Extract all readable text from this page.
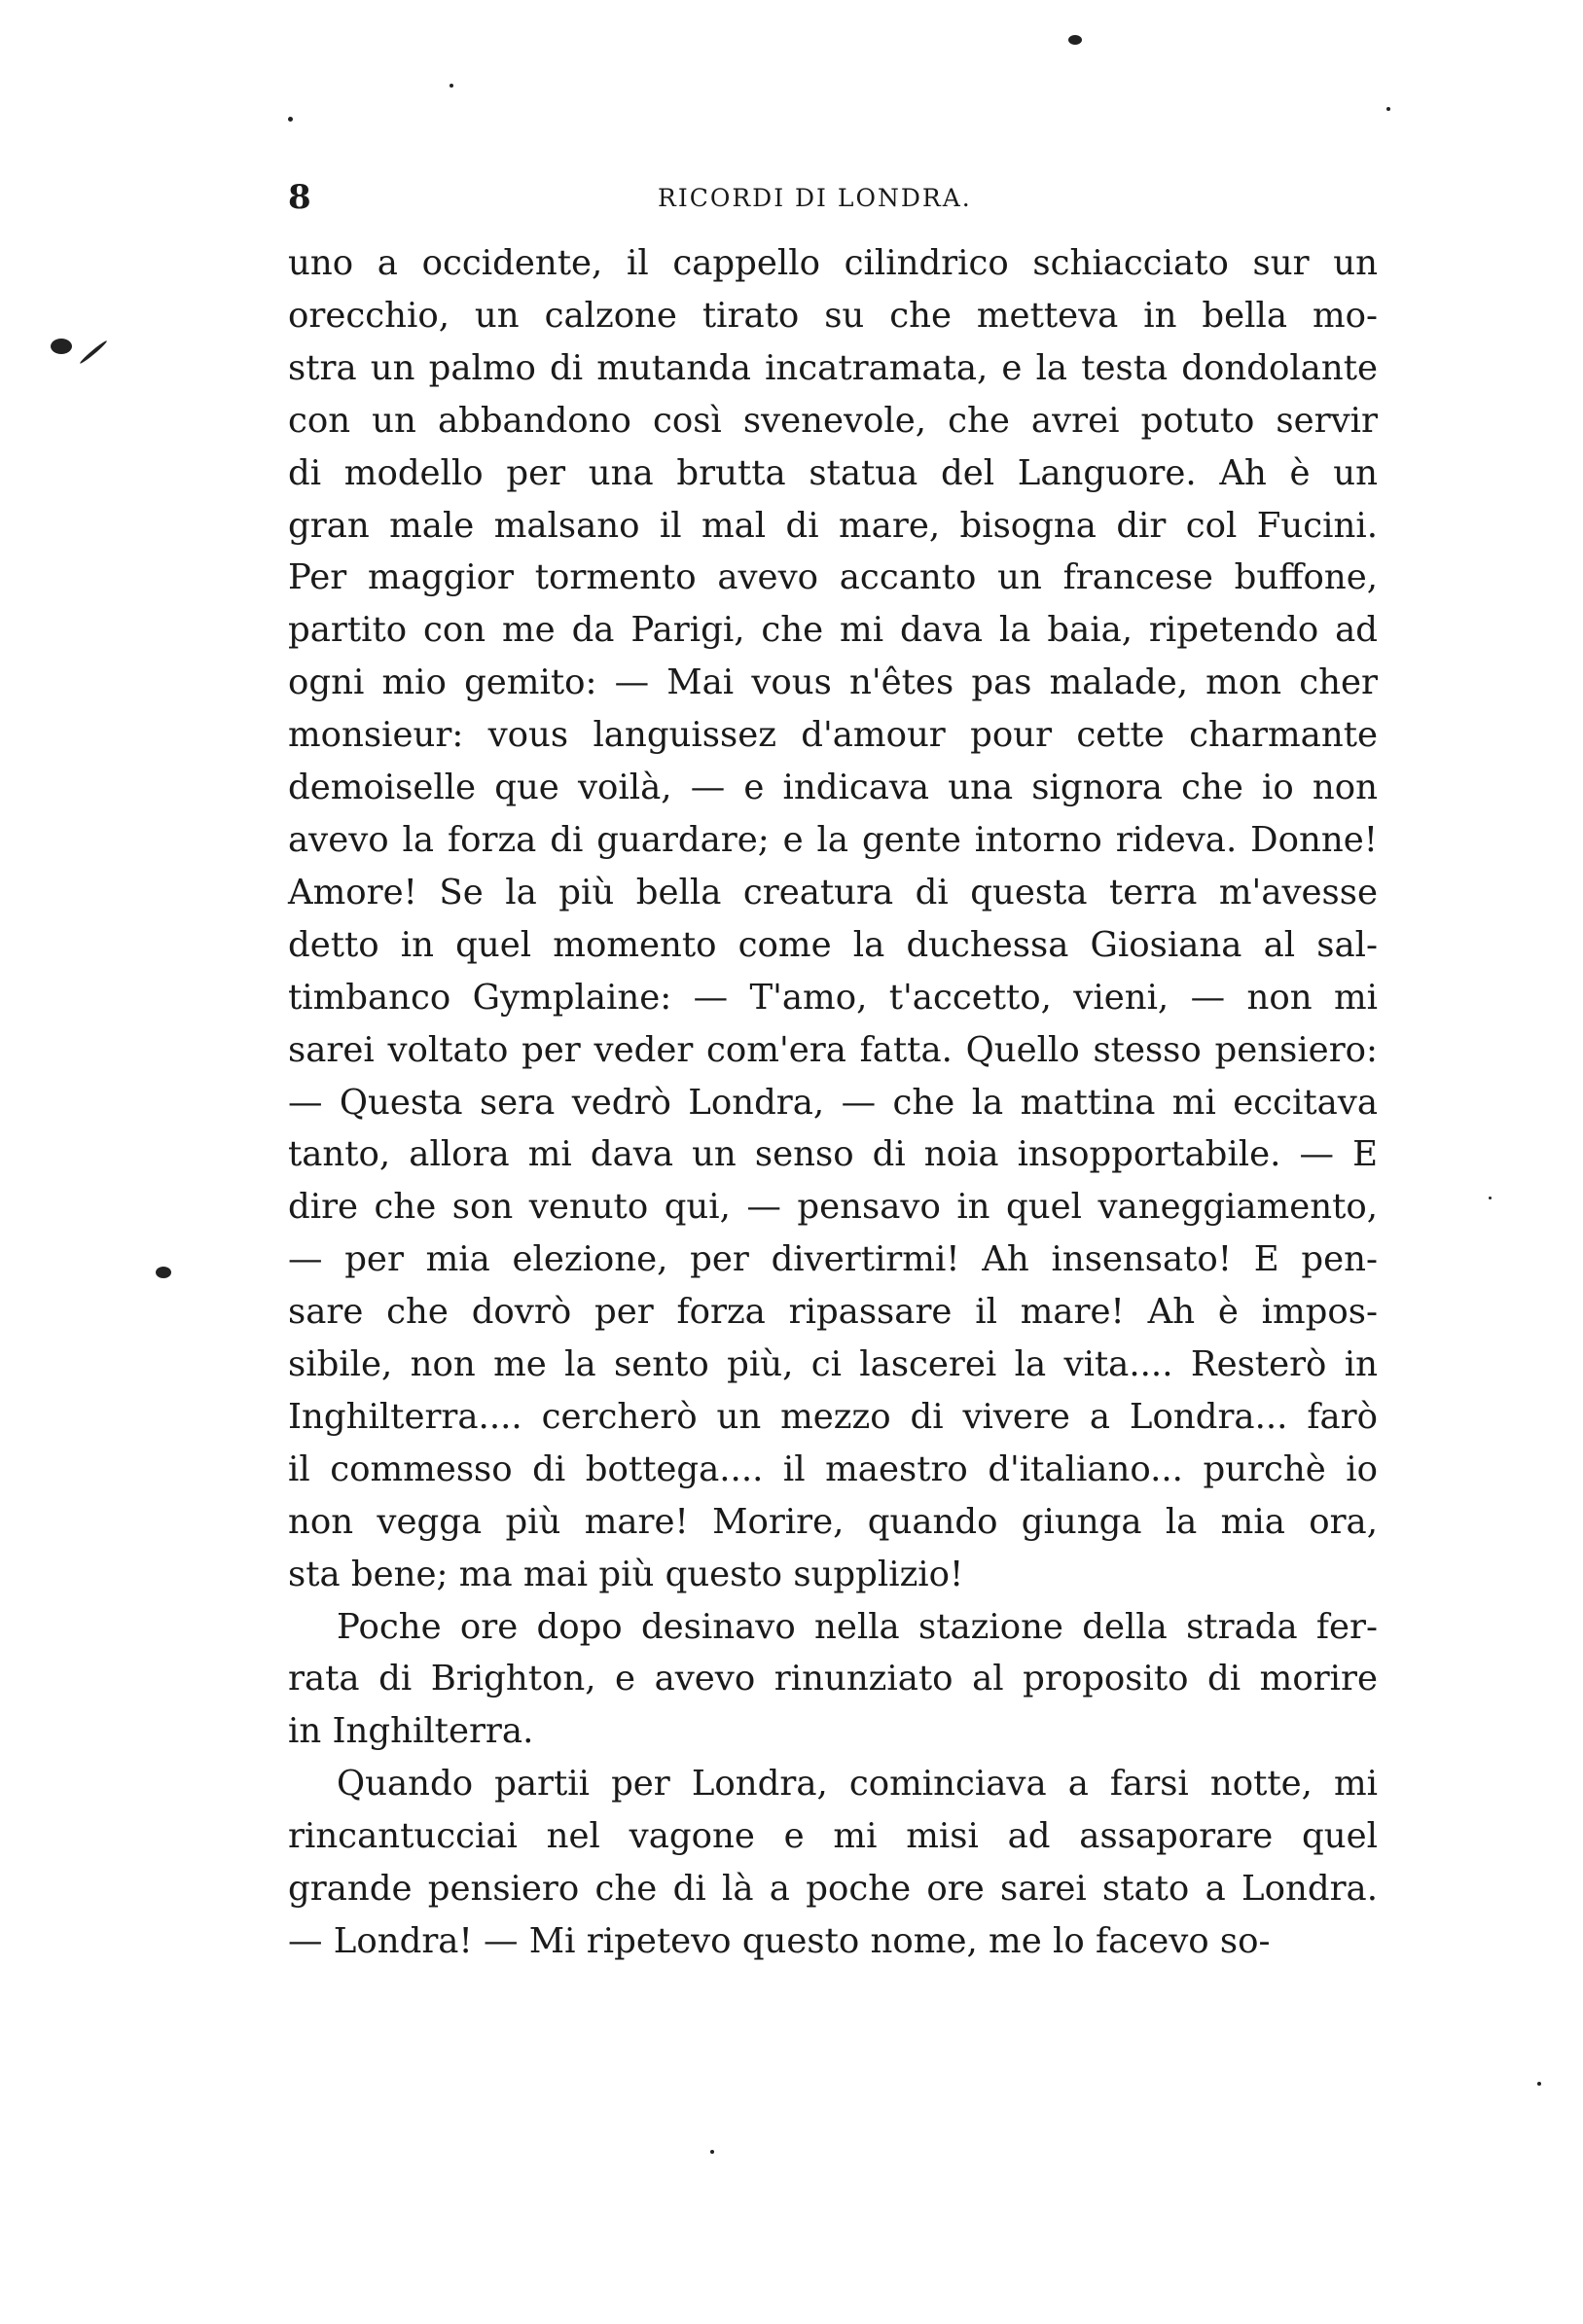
8	RICORDI DI LONDRA.
uno a occidente, il cappello cilindrico schiacciato sur un
orecchio, un calzone tirato su che metteva in bella mo-
stra un palmo di mutanda incatramata, e la testa dondolante
con un abbandono così svenevole, che avrei potuto servir
di modello per una brutta statua del Languore. Ah è un
gran male malsano il mal di mare, bisogna dir col Fucini.
Per maggior tormento avevo accanto un francese buffone,
partito con me da Parigi, che mi dava la baia, ripetendo ad
ogni mio gemito: — Mai vous n'êtes pas malade, mon cher
monsieur: vous languissez d'amour pour cette charmante
demoiselle que voilà, — e indicava una signora che io non
avevo la forza di guardare; e la gente intorno rideva. Donne!
Amore! Se la più bella creatura di questa terra m'avesse
detto in quel momento come la duchessa Giosiana al sal-
timbanco Gymplaine: — T'amo, t'accetto, vieni, — non mi
sarei voltato per veder com'era fatta. Quello stesso pensiero:
— Questa sera vedrò Londra, — che la mattina mi eccitava
tanto, allora mi dava un senso di noia insopportabile. — E
dire che son venuto qui, — pensavo in quel vaneggiamento,
— per mia elezione, per divertirmi! Ah insensato! E pen-
sare che dovrò per forza ripassare il mare! Ah è impos-
sibile, non me la sento più, ci lascerei la vita.... Resterò in
Inghilterra.... cercherò un mezzo di vivere a Londra... farò
il commesso di bottega.... il maestro d'italiano... purchè io
non vegga più mare! Morire, quando giunga la mia ora,
sta bene; ma mai più questo supplizio!
Poche ore dopo desinavo nella stazione della strada fer-
rata di Brighton, e avevo rinunziato al proposito di morire
in Inghilterra.
Quando partii per Londra, cominciava a farsi notte, mi
rincantucciai nel vagone e mi misi ad assaporare quel
grande pensiero che di là a poche ore sarei stato a Londra.
— Londra! — Mi ripetevo questo nome, me lo facevo so-
